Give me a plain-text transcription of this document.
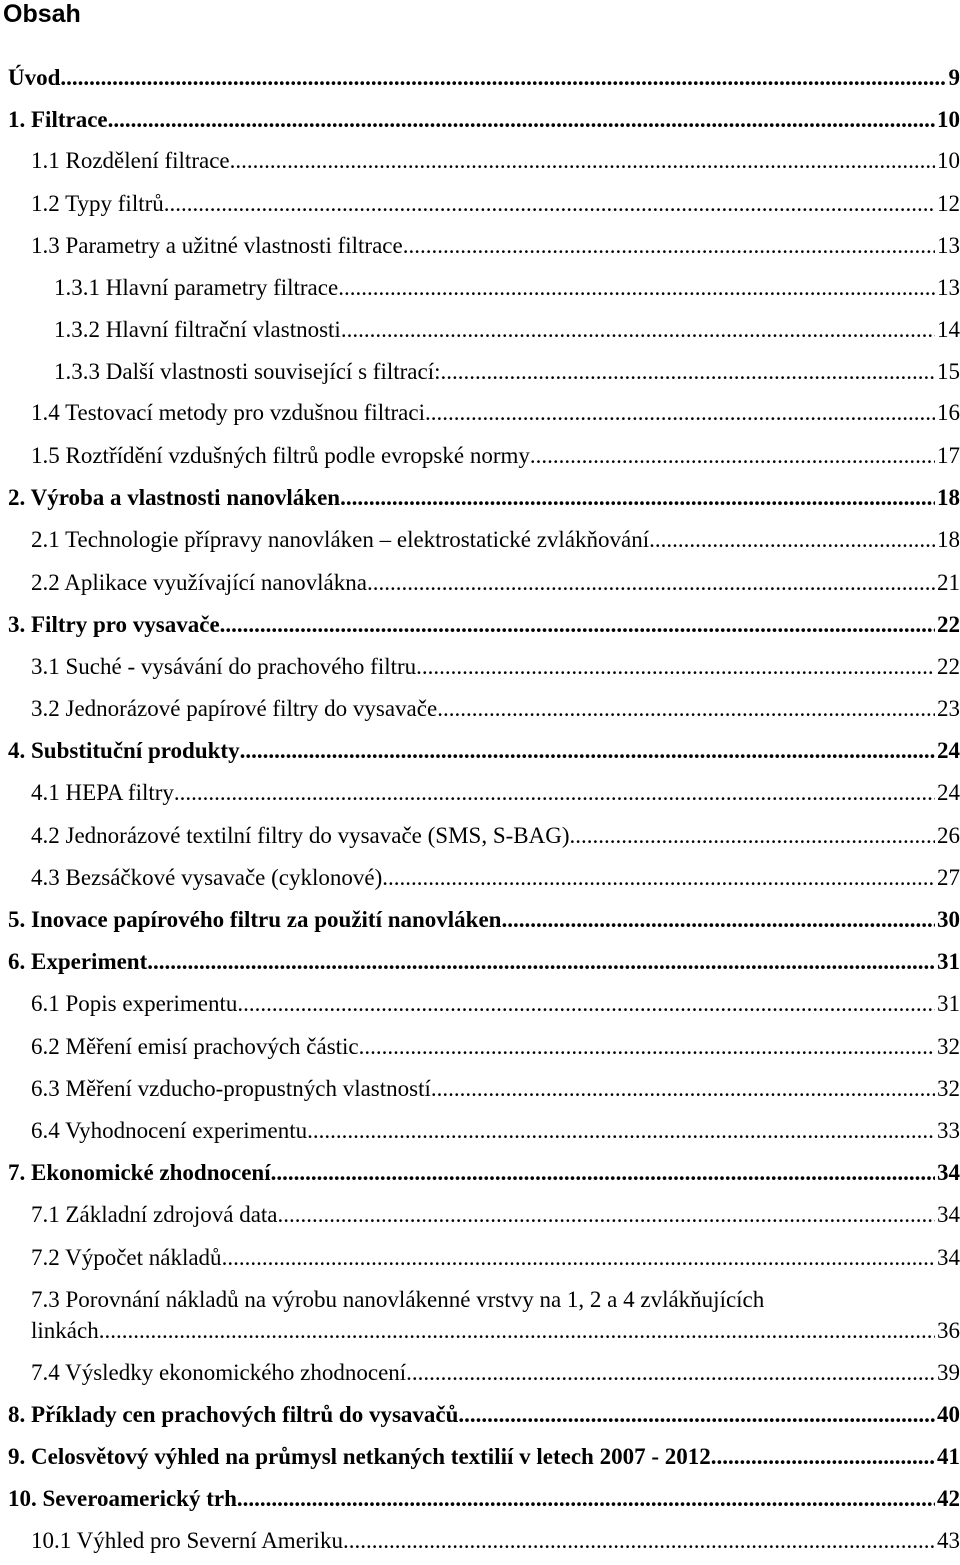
Obsah
Úvod .....	9
1. Filtrace .....	10
1.1 Rozdělení filtrace .....	10
1.2 Typy filtrů .....	12
1.3 Parametry a užitné vlastnosti filtrace .....	13
1.3.1 Hlavní parametry filtrace .....	13
1.3.2 Hlavní filtrační vlastnosti .....	14
1.3.3 Další vlastnosti související s filtrací: .....	15
1.4 Testovací metody pro vzdušnou filtraci .....	16
1.5 Roztřídění vzdušných filtrů podle evropské normy .....	17
2. Výroba a vlastnosti nanovláken .....	18
2.1 Technologie přípravy nanovláken – elektrostatické zvlákňování .....	18
2.2 Aplikace využívající nanovlákna .....	21
3. Filtry pro vysavače .....	22
3.1 Suché - vysávání do prachového filtru .....	22
3.2 Jednorázové papírové filtry do vysavače .....	23
4. Substituční produkty .....	24
4.1 HEPA filtry .....	24
4.2 Jednorázové textilní filtry do vysavače (SMS, S-BAG) .....	26
4.3 Bezsáčkové vysavače (cyklonové) .....	27
5. Inovace papírového filtru za použití nanovláken .....	30
6. Experiment .....	31
6.1 Popis experimentu .....	31
6.2 Měření emisí prachových částic .....	32
6.3 Měření vzducho-propustných vlastností .....	32
6.4 Vyhodnocení experimentu .....	33
7. Ekonomické zhodnocení .....	34
7.1 Základní zdrojová data .....	34
7.2 Výpočet nákladů .....	34
7.3 Porovnání nákladů na výrobu nanovlákenné vrstvy na 1, 2 a 4 zvlákňujících
linkách .....	36
7.4 Výsledky ekonomického zhodnocení .....	39
8. Příklady cen prachových filtrů do vysavačů .....	40
9. Celosvětový výhled na průmysl netkaných textilií v letech 2007 - 2012 .....	41
10. Severoamerický trh .....	42
10.1 Výhled pro Severní Ameriku .....	43
